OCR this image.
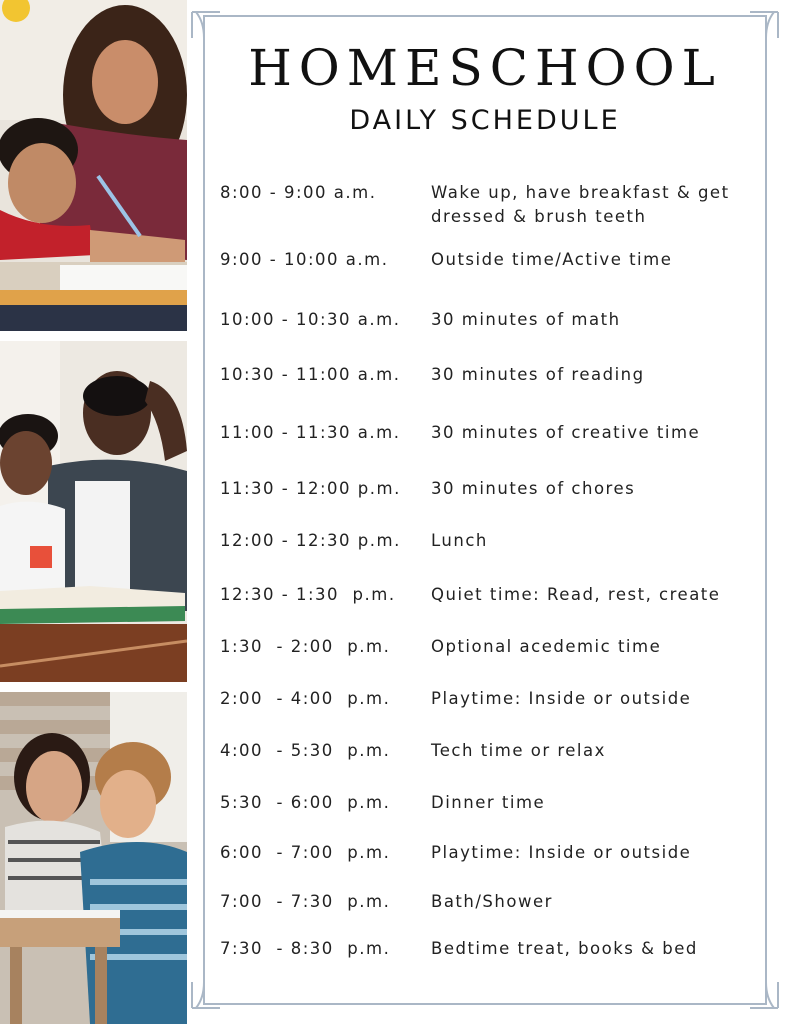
HOMESCHOOL
DAILY SCHEDULE
8:00 - 9:00 a.m.	Wake up, have breakfast & get dressed & brush teeth
9:00 - 10:00 a.m.	Outside time/Active time
10:00 - 10:30 a.m. 30 minutes of math
10:30 - 11:00 a.m. 30 minutes of reading
11:00 - 11:30 a.m. 30 minutes of creative time
11:30 - 12:00 p.m. 30 minutes of chores
12:00 - 12:30 p.m. Lunch
12:30 - 1:30  p.m. Quiet time: Read, rest, create
1:30  - 2:00  p.m. Optional acedemic time
2:00  - 4:00  p.m. Playtime: Inside or outside
4:00  - 5:30  p.m. Tech time or relax
5:30  - 6:00  p.m. Dinner time
6:00  - 7:00  p.m. Playtime: Inside or outside
7:00  - 7:30  p.m. Bath/Shower
7:30  - 8:30  p.m. Bedtime treat, books & bed
